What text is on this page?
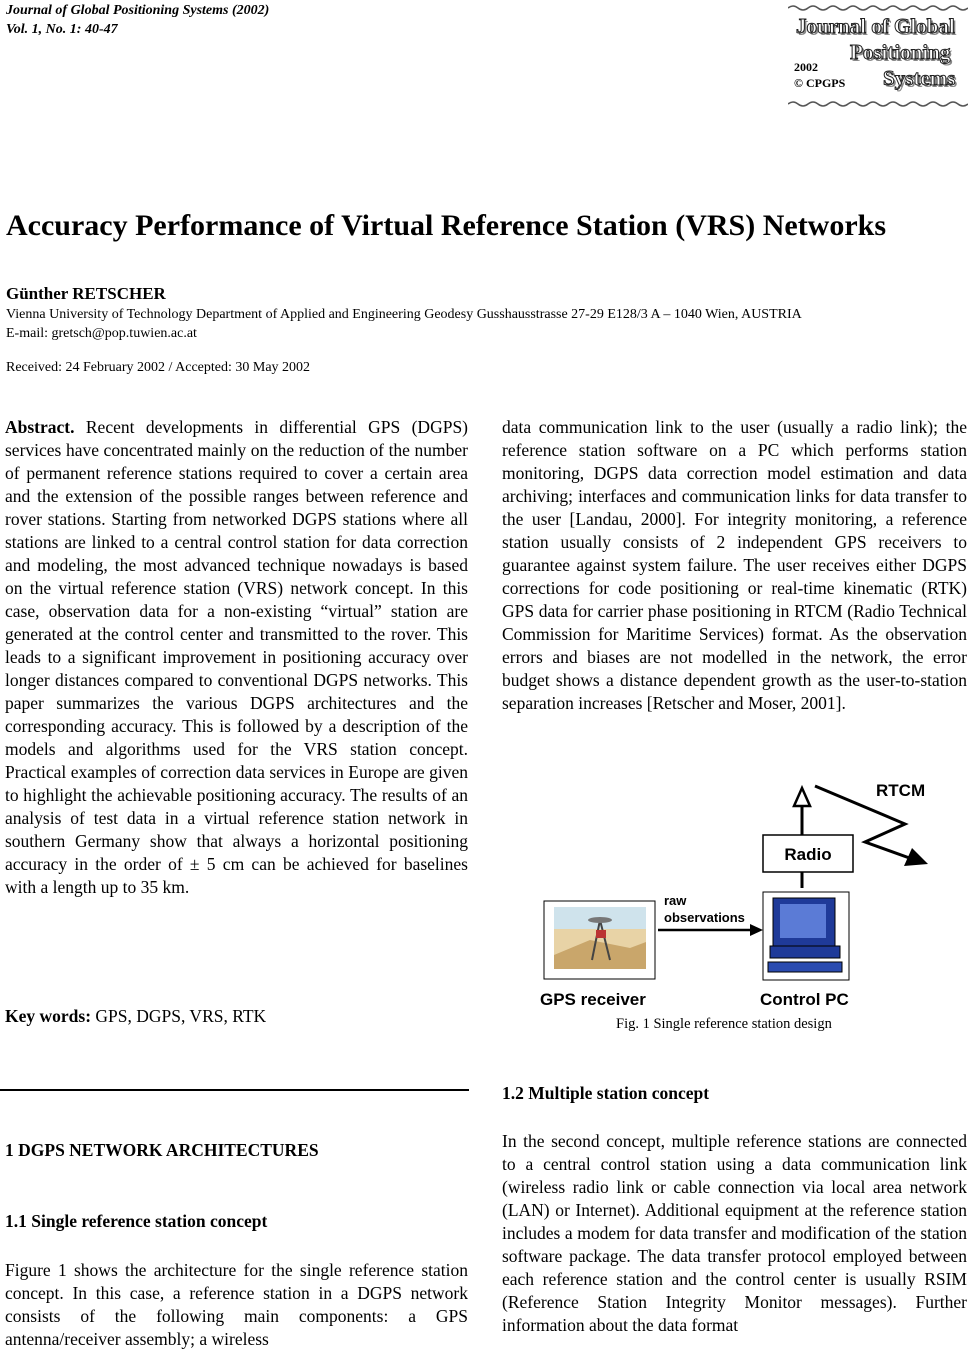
Journal of Global Positioning Systems (2002)
Vol. 1, No. 1: 40-47	Journal of Global
Positioning
2002
© CPGPS Systems
Accuracy Performance of Virtual Reference Station (VRS) Networks
Günther RETSCHER
Vienna University of Technology Department of Applied and Engineering Geodesy Gusshausstrasse 27-29 E128/3 A – 1040 Wien, AUSTRIA
E-mail: gretsch@pop.tuwien.ac.at
Received: 24 February 2002 / Accepted: 30 May 2002

Abstract. Recent developments in differential GPS (DGPS) services have concentrated mainly on the reduction of the number of permanent reference stations required to cover a certain area and the extension of the possible ranges between reference and rover stations. Starting from networked DGPS stations where all stations are linked to a central control station for data correction and modeling, the most advanced technique nowadays is based on the virtual reference station (VRS) network concept. In this case, observation data for a non-existing “virtual” station are generated at the control center and transmitted to the rover. This leads to a significant improvement in positioning accuracy over longer distances compared to conventional DGPS networks. This paper summarizes the various DGPS architectures and the corresponding accuracy. This is followed by a description of the models and algorithms used for the VRS station concept. Practical examples of correction data services in Europe are given to highlight the achievable positioning accuracy. The results of an analysis of test data in a virtual reference station network in southern Germany show that always a horizontal positioning accuracy in the order of ± 5 cm can be achieved for baselines with a length up to 35 km.

Key words: GPS, DGPS, VRS, RTK
1 DGPS NETWORK ARCHITECTURES
1.1 Single reference station concept

Figure 1 shows the architecture for the single reference station concept. In this case, a reference station in a DGPS network consists of the following main components: a GPS antenna/receiver assembly; a wireless

data communication link to the user (usually a radio link); the reference station software on a PC which performs station monitoring, DGPS data correction model estimation and data archiving; interfaces and communication links for data transfer to the user [Landau, 2000]. For integrity monitoring, a reference station usually consists of 2 independent GPS receivers to guarantee against system failure. The user receives either DGPS corrections for code positioning or real-time kinematic (RTK) GPS data for carrier phase positioning in RTCM (Radio Technical Commission for Maritime Services) format. As the observation errors and biases are not modelled in the network, the error budget shows a distance dependent growth as the user-to-station separation increases [Retscher and Moser, 2001].

RTCM
Radio
raw
observations
GPS receiver	Control PC
Fig. 1 Single reference station design
1.2 Multiple station concept

In the second concept, multiple reference stations are connected to a central control station using a data communication link (wireless radio link or cable connection via local area network (LAN) or Internet). Additional equipment at the reference station includes a modem for data transfer and modification of the station software package. The data transfer protocol employed between each reference station and the control center is usually RSIM (Reference Station Integrity Monitor messages). Further information about the data format
